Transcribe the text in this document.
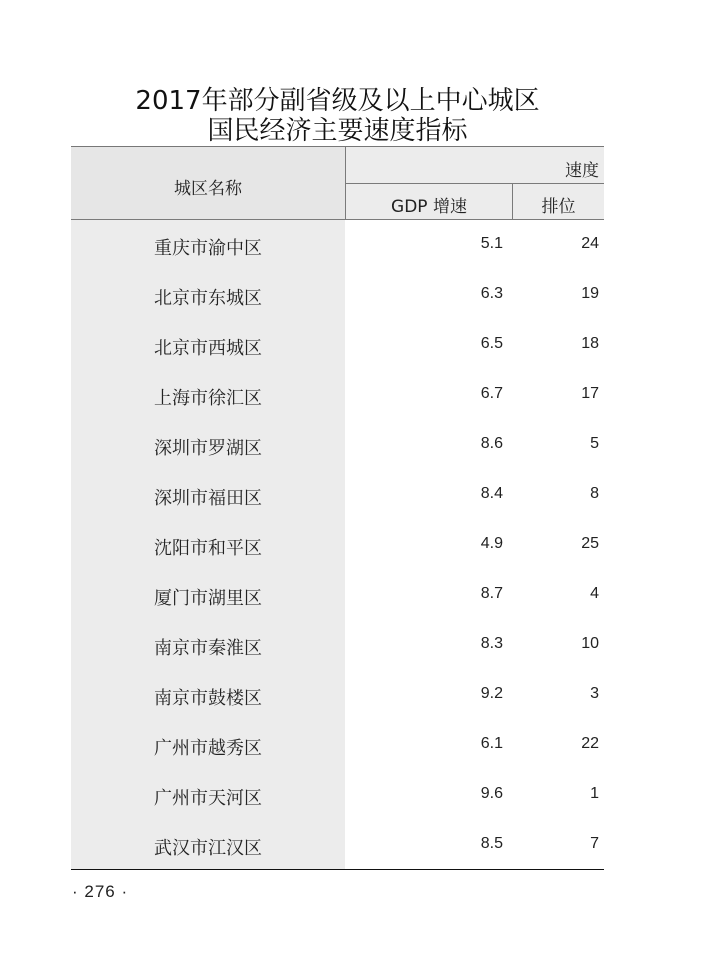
2017年部分副省级及以上中心城区
国民经济主要速度指标
城区名称
速度
GDP 增速	排位
重庆市渝中区	5.1	24
北京市东城区	6.3	19
北京市西城区	6.5	18
上海市徐汇区	6.7	17
深圳市罗湖区	8.6	5
深圳市福田区	8.4	8
沈阳市和平区	4.9	25
厦门市湖里区	8.7	4
南京市秦淮区	8.3	10
南京市鼓楼区	9.2	3
广州市越秀区	6.1	22
广州市天河区	9.6	1
武汉市江汉区	8.5	7
· 276 ·
